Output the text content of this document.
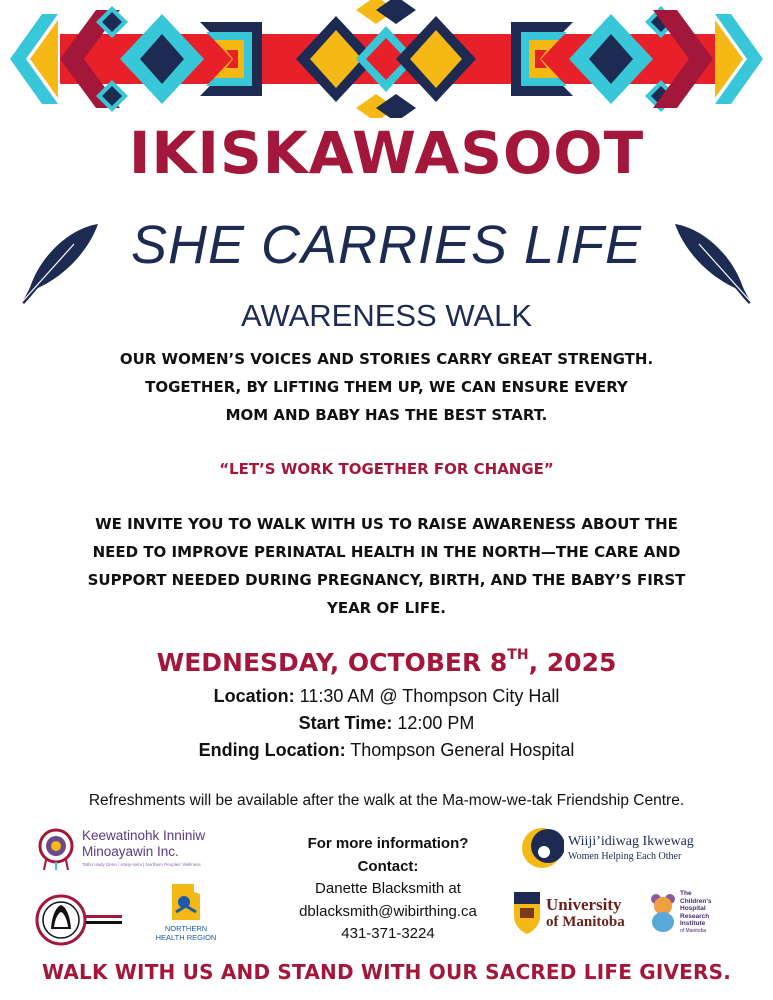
IKISKAWASOOT
SHE CARRIES LIFE
AWARENESS WALK
OUR WOMEN’S VOICES AND STORIES CARRY GREAT STRENGTH.
TOGETHER, BY LIFTING THEM UP, WE CAN ENSURE EVERY
MOM AND BABY HAS THE BEST START.
“LET’S WORK TOGETHER FOR CHANGE”
WE INVITE YOU TO WALK WITH US TO RAISE AWARENESS ABOUT THE
NEED TO IMPROVE PERINATAL HEALTH IN THE NORTH—THE CARE AND
SUPPORT NEEDED DURING PREGNANCY, BIRTH, AND THE BABY’S FIRST
YEAR OF LIFE.
WEDNESDAY, OCTOBER 8TH, 2025
Location: 11:30 AM @ Thompson City Hall
Start Time: 12:00 PM
Ending Location: Thompson General Hospital
Refreshments will be available after the walk at the Ma-mow-we-tak Friendship Centre.
Keewatinohk Inniniw
Minoayawin Inc.
Tatho Hady Dene / Askiy-Isimi | Northern Peoples' Wellness
NORTHERN
HEALTH REGION
For more information?
Contact:
Danette Blacksmith at
dblacksmith@wibirthing.ca
431-371-3224
Wiiji’idiwag Ikwewag
Women Helping Each Other
University
of Manitoba
The
Children's
Hospital
Research
Institute
of Manitoba
WALK WITH US AND STAND WITH OUR SACRED LIFE GIVERS.
